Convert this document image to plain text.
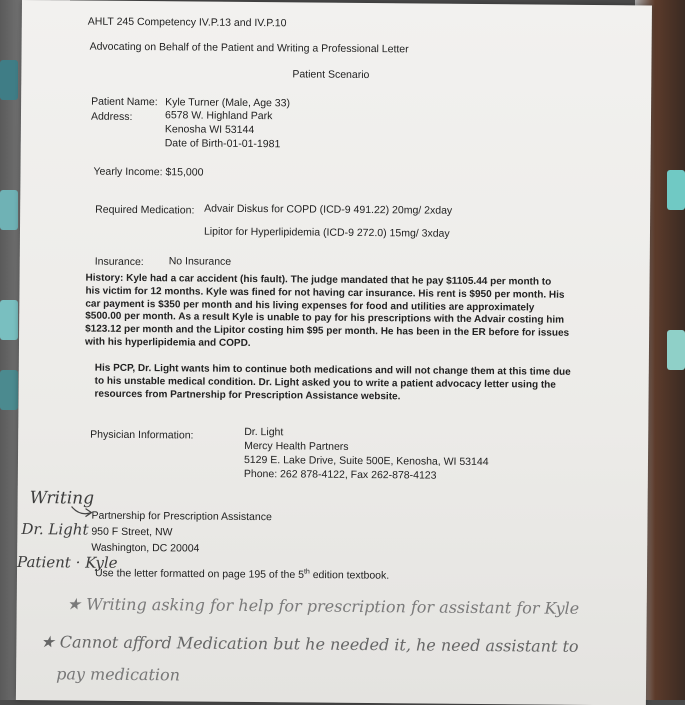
AHLT 245 Competency IV.P.13 and IV.P.10
Advocating on Behalf of the Patient and Writing a Professional Letter
Patient Scenario
Patient Name: Kyle Turner (Male, Age 33)
Address:	6578 W. Highland Park
Kenosha WI 53144
Date of Birth-01-01-1981
Yearly Income: $15,000
Required Medication: Advair Diskus for COPD (ICD-9 491.22) 20mg/ 2xday
Lipitor for Hyperlipidemia (ICD-9 272.0) 15mg/ 3xday
Insurance: No Insurance
History: Kyle had a car accident (his fault). The judge mandated that he pay $1105.44 per month to
his victim for 12 months. Kyle was fined for not having car insurance. His rent is $950 per month. His
car payment is $350 per month and his living expenses for food and utilities are approximately
$500.00 per month. As a result Kyle is unable to pay for his prescriptions with the Advair costing him
$123.12 per month and the Lipitor costing him $95 per month. He has been in the ER before for issues
with his hyperlipidemia and COPD.
His PCP, Dr. Light wants him to continue both medications and will not change them at this time due
to his unstable medical condition. Dr. Light asked you to write a patient advocacy letter using the
resources from Partnership for Prescription Assistance website.
Physician Information:	Dr. Light
Mercy Health Partners
5129 E. Lake Drive, Suite 500E, Kenosha, WI 53144
Phone: 262 878-4122, Fax 262-878-4123
Partnership for Prescription Assistance
950 F Street, NW
Washington, DC 20004
Use the letter formatted on page 195 of the 5th edition textbook.
Writing
Dr. Light
Patient · Kyle
★ Writing asking for help for prescription for assistant for Kyle
★ Cannot afford Medication but he needed it, he need assistant to
pay medication
